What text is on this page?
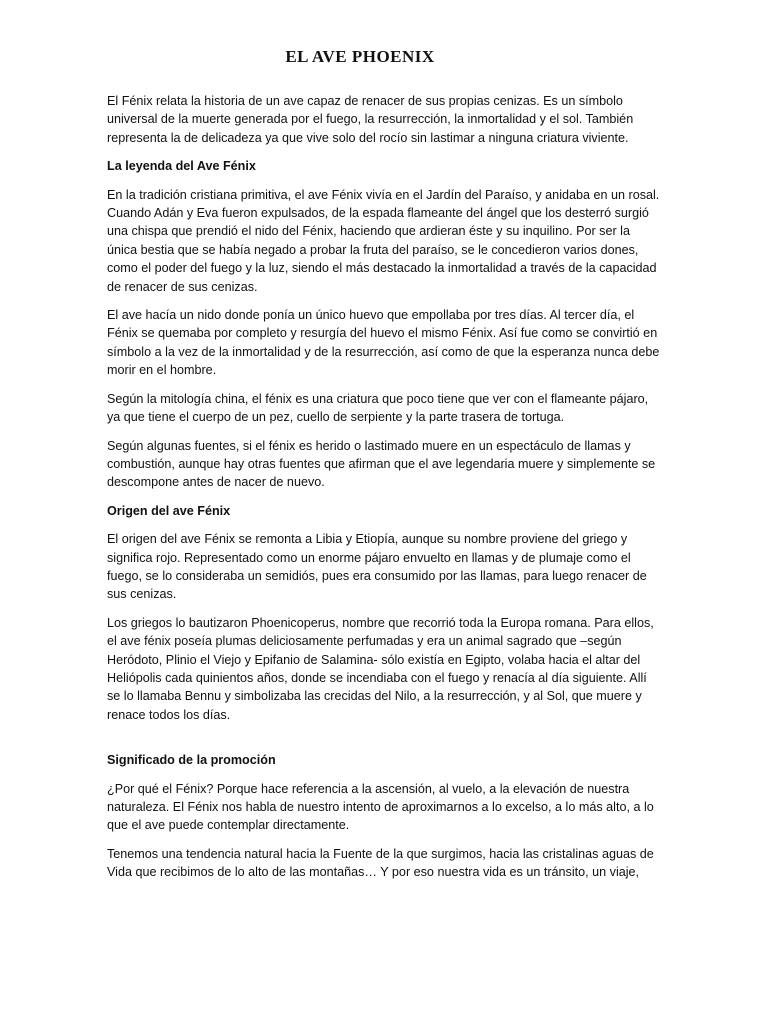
EL AVE PHOENIX

El Fénix relata la historia de un ave capaz de renacer de sus propias cenizas. Es un símbolo universal de la muerte generada por el fuego, la resurrección, la inmortalidad y el sol. También representa la de delicadeza ya que vive solo del rocío sin lastimar a ninguna criatura viviente.

La leyenda del Ave Fénix

En la tradición cristiana primitiva, el ave Fénix vivía en el Jardín del Paraíso, y anidaba en un rosal. Cuando Adán y Eva fueron expulsados, de la espada flameante del ángel que los desterró surgió una chispa que prendió el nido del Fénix, haciendo que ardieran éste y su inquilino. Por ser la única bestia que se había negado a probar la fruta del paraíso, se le concedieron varios dones, como el poder del fuego y la luz, siendo el más destacado la inmortalidad a través de la capacidad de renacer de sus cenizas.

El ave hacía un nido donde ponía un único huevo que empollaba por tres días. Al tercer día, el Fénix se quemaba por completo y resurgía del huevo el mismo Fénix. Así fue como se convirtió en símbolo a la vez de la inmortalidad y de la resurrección, así como de que la esperanza nunca debe morir en el hombre.

Según la mitología china, el fénix es una criatura que poco tiene que ver con el flameante pájaro, ya que tiene el cuerpo de un pez, cuello de serpiente y la parte trasera de tortuga.

Según algunas fuentes, si el fénix es herido o lastimado muere en un espectáculo de llamas y combustión, aunque hay otras fuentes que afirman que el ave legendaria muere y simplemente se descompone antes de nacer de nuevo.

Origen del ave Fénix

El origen del ave Fénix se remonta a Libia y Etiopía, aunque su nombre proviene del griego y significa rojo. Representado como un enorme pájaro envuelto en llamas y de plumaje como el fuego, se lo consideraba un semidiós, pues era consumido por las llamas, para luego renacer de sus cenizas.

Los griegos lo bautizaron Phoenicoperus, nombre que recorrió toda la Europa romana. Para ellos, el ave fénix poseía plumas deliciosamente perfumadas y era un animal sagrado que –según Heródoto, Plinio el Viejo y Epifanio de Salamina- sólo existía en Egipto, volaba hacia el altar del Heliópolis cada quinientos años, donde se incendiaba con el fuego y renacía al día siguiente. Allí se lo llamaba Bennu y simbolizaba las crecidas del Nilo, a la resurrección, y al Sol, que muere y renace todos los días.

Significado de la promoción

¿Por qué el Fénix? Porque hace referencia a la ascensión, al vuelo, a la elevación de nuestra naturaleza. El Fénix nos habla de nuestro intento de aproximarnos a lo excelso, a lo más alto, a lo que el ave puede contemplar directamente.

Tenemos una tendencia natural hacia la Fuente de la que surgimos, hacia las cristalinas aguas de Vida que recibimos de lo alto de las montañas… Y por eso nuestra vida es un tránsito, un viaje,
